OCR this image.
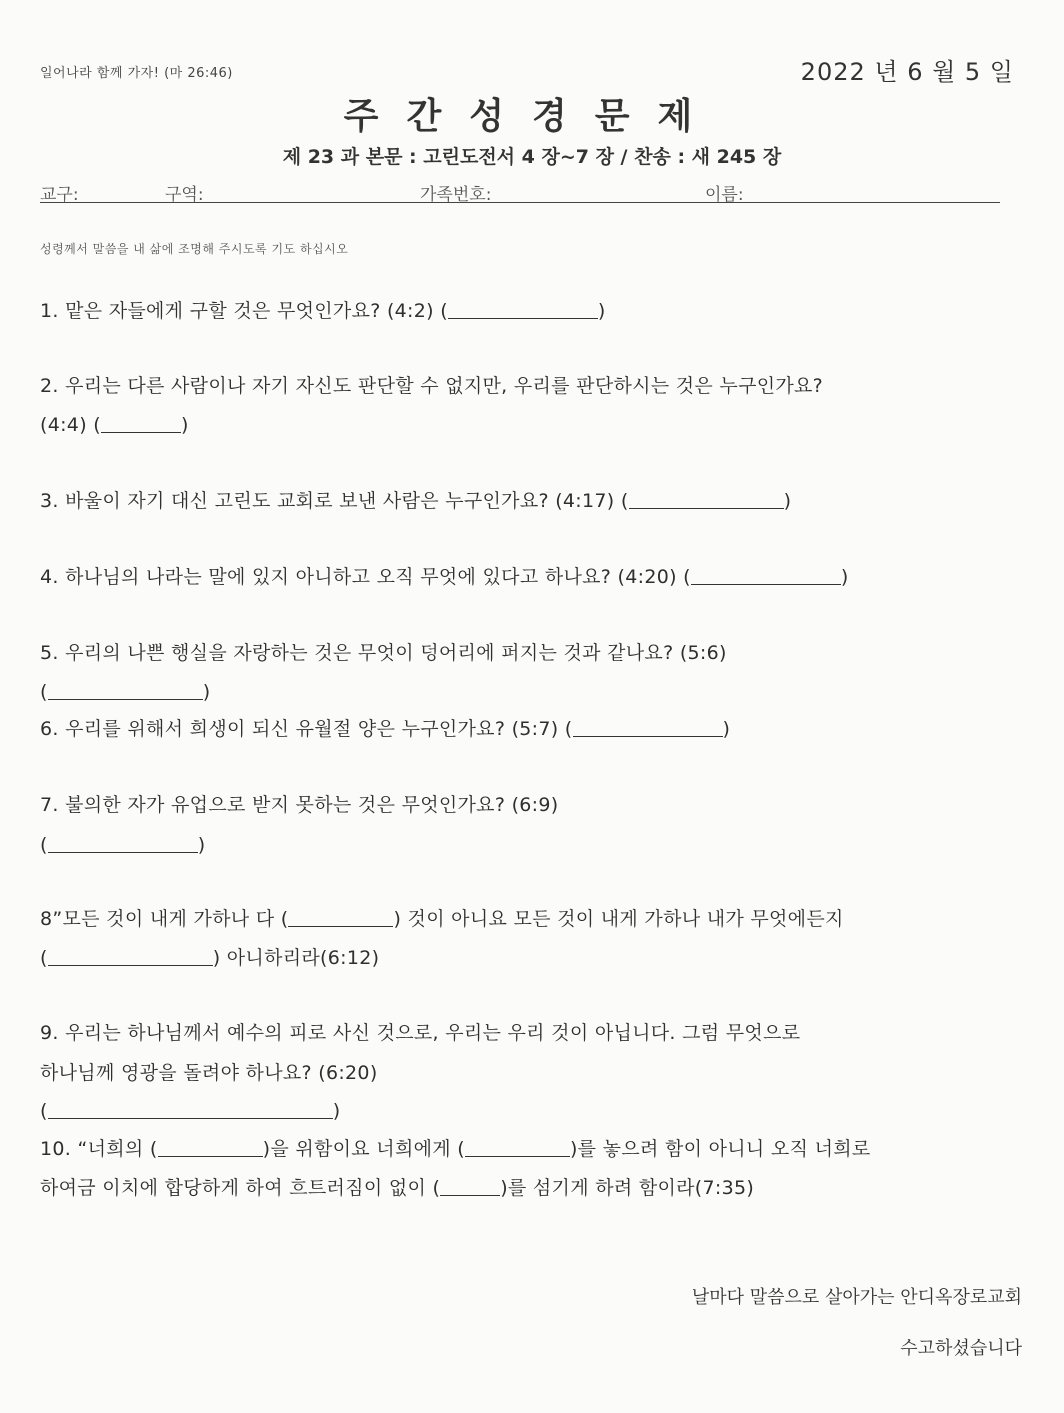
일어나라 함께 가자! (마 26:46)	2022 년 6 월 5 일
주간성경문제
제 23 과 본문 : 고린도전서 4 장~7 장 / 찬송 : 새 245 장
교구:	구역:	가족번호:	이름:
성령께서 말씀을 내 삶에 조명해 주시도록 기도 하십시오
1. 맡은 자들에게 구할 것은 무엇인가요? (4:2) (	)
2. 우리는 다른 사람이나 자기 자신도 판단할 수 없지만, 우리를 판단하시는 것은 누구인가요?
(4:4) (	)
3. 바울이 자기 대신 고린도 교회로 보낸 사람은 누구인가요? (4:17) (	)
4. 하나님의 나라는 말에 있지 아니하고 오직 무엇에 있다고 하나요? (4:20) (	)
5. 우리의 나쁜 행실을 자랑하는 것은 무엇이 덩어리에 퍼지는 것과 같나요? (5:6)
(	)
6. 우리를 위해서 희생이 되신 유월절 양은 누구인가요? (5:7) (	)
7. 불의한 자가 유업으로 받지 못하는 것은 무엇인가요? (6:9)
(	)
8”모든 것이 내게 가하나 다 (	) 것이 아니요 모든 것이 내게 가하나 내가 무엇에든지
(	) 아니하리라(6:12)
9. 우리는 하나님께서 예수의 피로 사신 것으로, 우리는 우리 것이 아닙니다. 그럼 무엇으로
하나님께 영광을 돌려야 하나요? (6:20)
(	)
10. “너희의 (	)을 위함이요 너희에게 (	)를 놓으려 함이 아니니 오직 너희로
하여금 이치에 합당하게 하여 흐트러짐이 없이 (	)를 섬기게 하려 함이라(7:35)
날마다 말씀으로 살아가는 안디옥장로교회
수고하셨습니다
